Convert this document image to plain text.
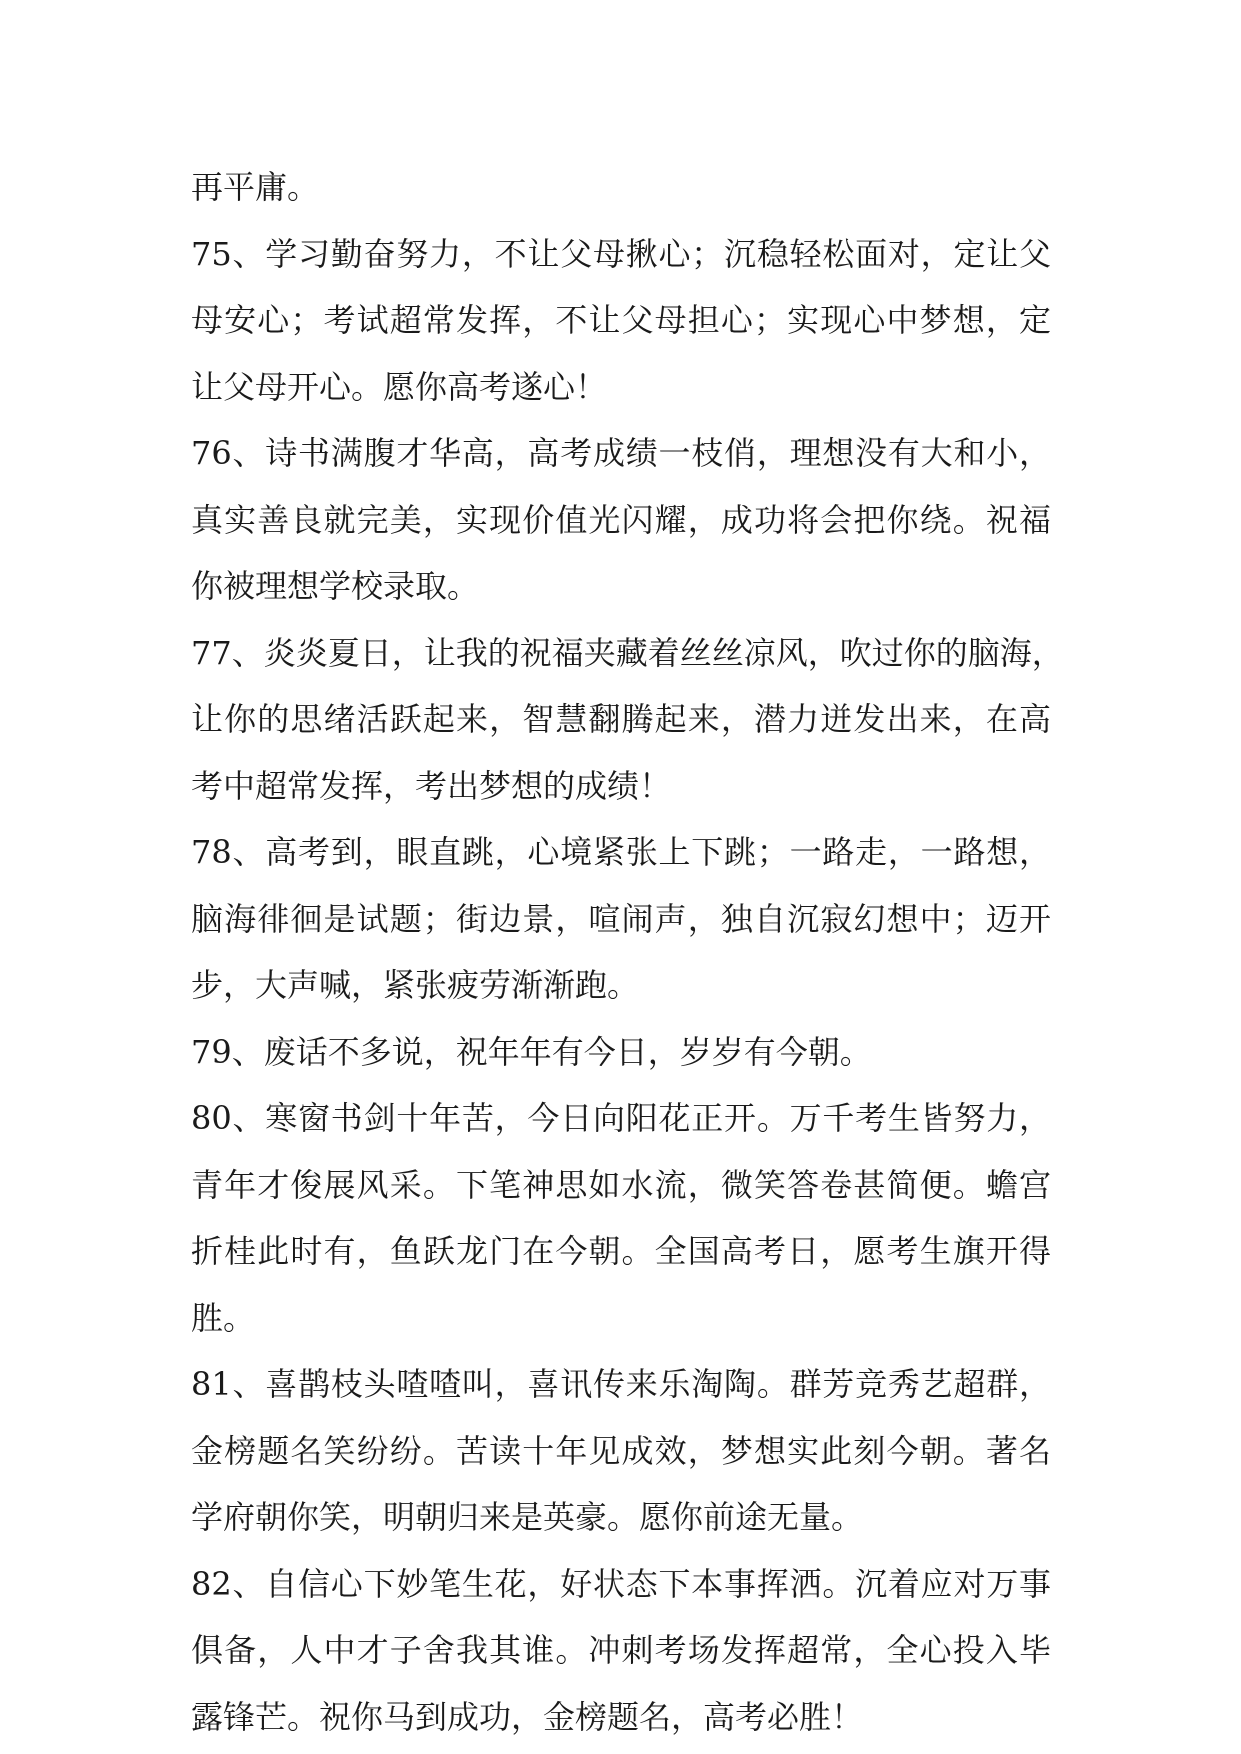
再平庸。
75、学习勤奋努力，不让父母揪心；沉稳轻松面对，定让父
母安心；考试超常发挥，不让父母担心；实现心中梦想，定
让父母开心。愿你高考遂心！
76、诗书满腹才华高，高考成绩一枝俏，理想没有大和小，
真实善良就完美，实现价值光闪耀，成功将会把你绕。祝福
你被理想学校录取。
77、炎炎夏日，让我的祝福夹藏着丝丝凉风，吹过你的脑海，
让你的思绪活跃起来，智慧翻腾起来，潜力迸发出来，在高
考中超常发挥，考出梦想的成绩！
78、高考到，眼直跳，心境紧张上下跳；一路走，一路想，
脑海徘徊是试题；街边景，喧闹声，独自沉寂幻想中；迈开
步，大声喊，紧张疲劳渐渐跑。
79、废话不多说，祝年年有今日，岁岁有今朝。
80、寒窗书剑十年苦，今日向阳花正开。万千考生皆努力，
青年才俊展风采。下笔神思如水流，微笑答卷甚简便。蟾宫
折桂此时有，鱼跃龙门在今朝。全国高考日，愿考生旗开得
胜。
81、喜鹊枝头喳喳叫，喜讯传来乐淘陶。群芳竞秀艺超群，
金榜题名笑纷纷。苦读十年见成效，梦想实此刻今朝。著名
学府朝你笑，明朝归来是英豪。愿你前途无量。
82、自信心下妙笔生花，好状态下本事挥洒。沉着应对万事
俱备，人中才子舍我其谁。冲刺考场发挥超常，全心投入毕
露锋芒。祝你马到成功，金榜题名，高考必胜！
